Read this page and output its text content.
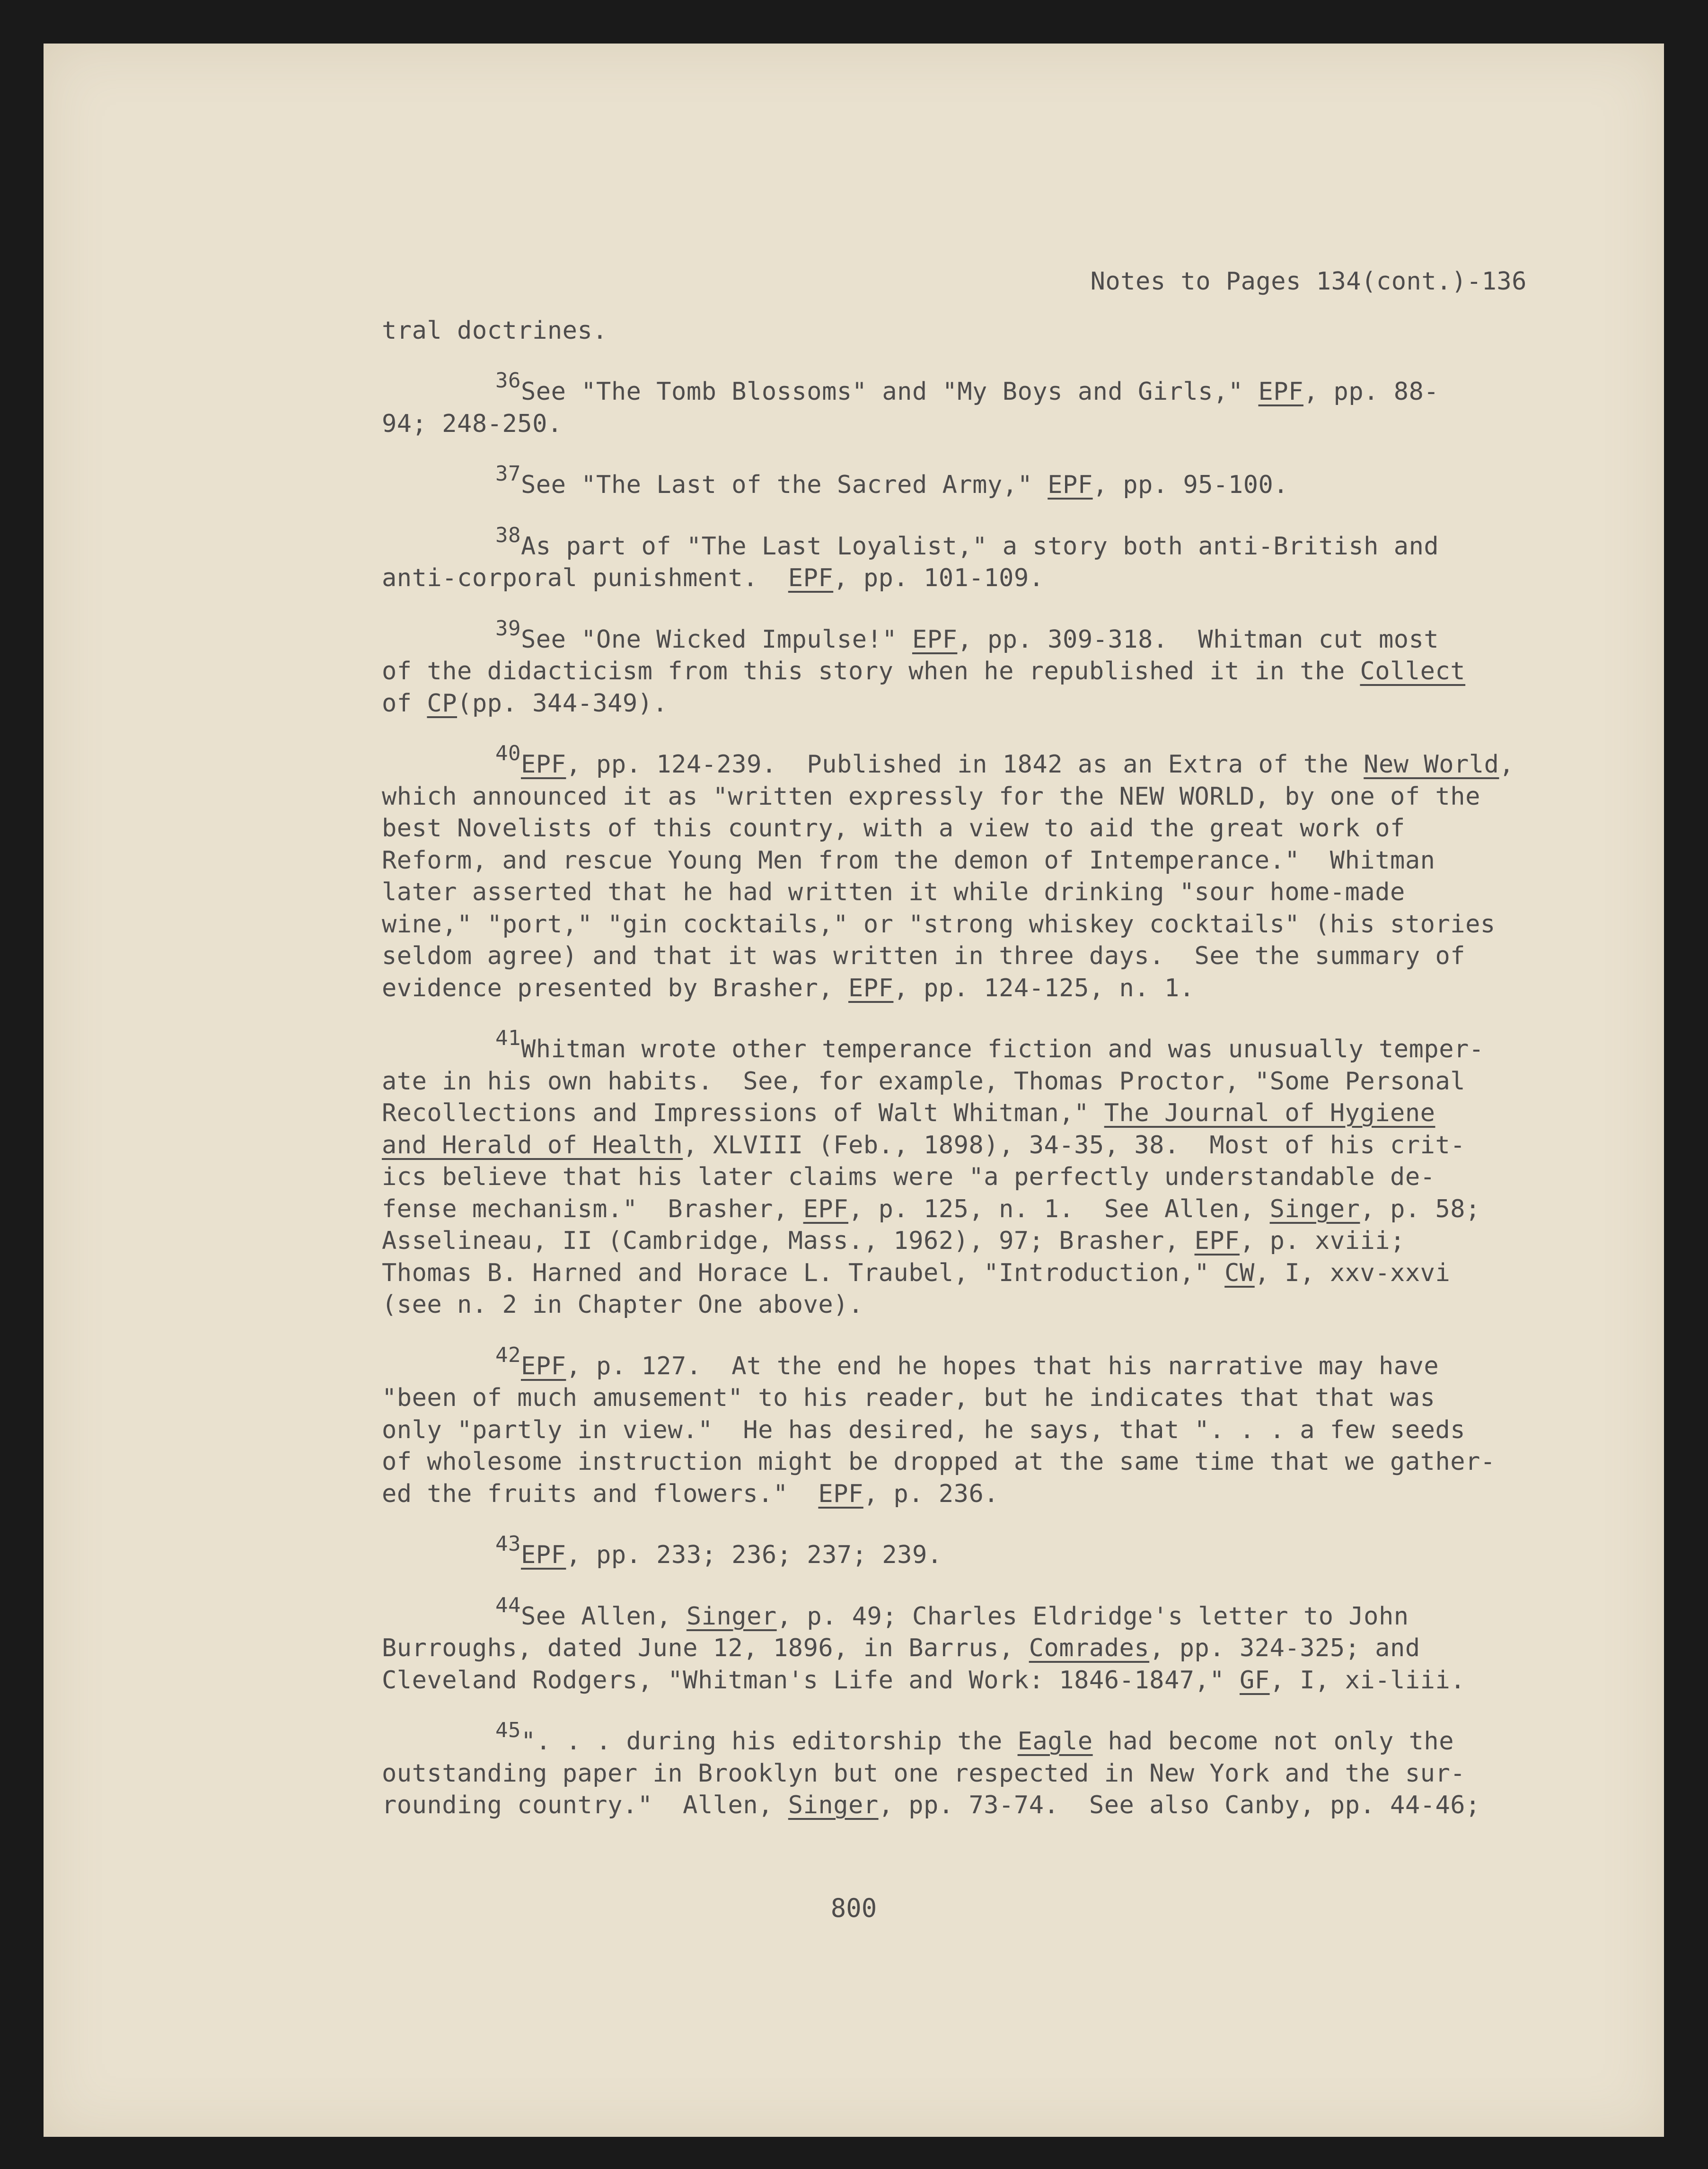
Notes to Pages 134(cont.)-136
tral doctrines.
$^{36}$See "The Tomb Blossoms" and "My Boys and Girls," EPF, pp. 88-
94; 248-250.
$^{37}$See "The Last of the Sacred Army," EPF, pp. 95-100.
$^{38}$As part of "The Last Loyalist," a story both anti-British and
anti-corporal punishment.  EPF, pp. 101-109.
$^{39}$See "One Wicked Impulse!" EPF, pp. 309-318.  Whitman cut most
of the didacticism from this story when he republished it in the Collect
of CP(pp. 344-349).
$^{40}$EPF, pp. 124-239.  Published in 1842 as an Extra of the New World,
which announced it as "written expressly for the NEW WORLD, by one of the
best Novelists of this country, with a view to aid the great work of
Reform, and rescue Young Men from the demon of Intemperance."  Whitman
later asserted that he had written it while drinking "sour home-made
wine," "port," "gin cocktails," or "strong whiskey cocktails" (his stories
seldom agree) and that it was written in three days.  See the summary of
evidence presented by Brasher, EPF, pp. 124-125, n. 1.
$^{41}$Whitman wrote other temperance fiction and was unusually temper-
ate in his own habits.  See, for example, Thomas Proctor, "Some Personal
Recollections and Impressions of Walt Whitman," The Journal of Hygiene
and Herald of Health, XLVIII (Feb., 1898), 34-35, 38.  Most of his crit-
ics believe that his later claims were "a perfectly understandable de-
fense mechanism."  Brasher, EPF, p. 125, n. 1.  See Allen, Singer, p. 58;
Asselineau, II (Cambridge, Mass., 1962), 97; Brasher, EPF, p. xviii;
Thomas B. Harned and Horace L. Traubel, "Introduction," CW, I, xxv-xxvi
(see n. 2 in Chapter One above).
$^{42}$EPF, p. 127.  At the end he hopes that his narrative may have
"been of much amusement" to his reader, but he indicates that that was
only "partly in view."  He has desired, he says, that ". . . a few seeds
of wholesome instruction might be dropped at the same time that we gather-
ed the fruits and flowers."  EPF, p. 236.
$^{43}$EPF, pp. 233; 236; 237; 239.
$^{44}$See Allen, Singer, p. 49; Charles Eldridge's letter to John
Burroughs, dated June 12, 1896, in Barrus, Comrades, pp. 324-325; and
Cleveland Rodgers, "Whitman's Life and Work: 1846-1847," GF, I, xi-liii.
$^{45}$". . . during his editorship the Eagle had become not only the
outstanding paper in Brooklyn but one respected in New York and the sur-
rounding country."  Allen, Singer, pp. 73-74.  See also Canby, pp. 44-46;
800
